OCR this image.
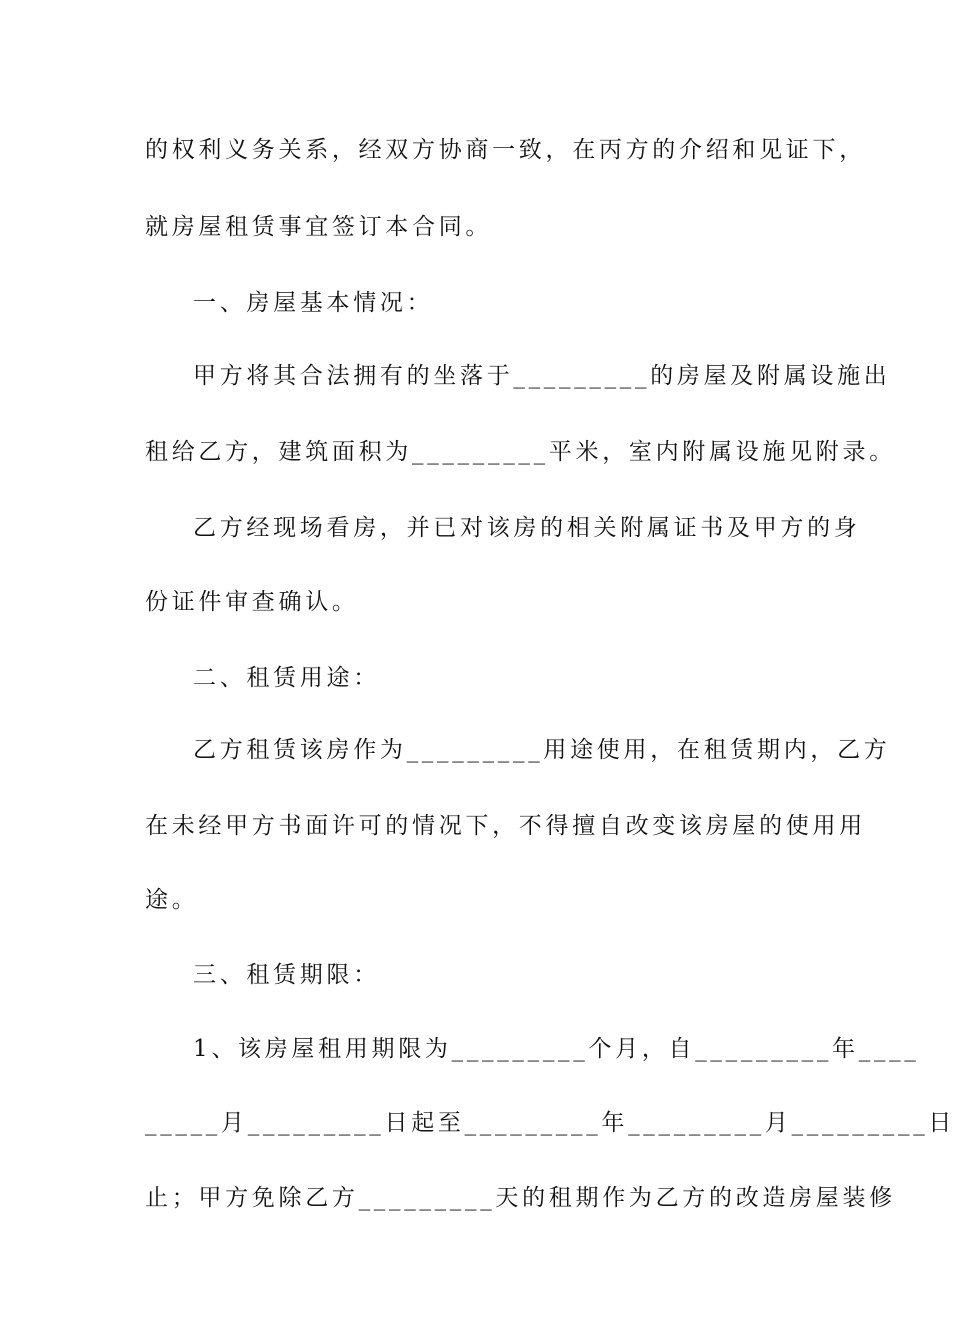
的权利义务关系，经双方协商一致，在丙方的介绍和见证下，
就房屋租赁事宜签订本合同。
一、房屋基本情况：
甲方将其合法拥有的坐落于_________的房屋及附属设施出
租给乙方，建筑面积为_________平米，室内附属设施见附录。
乙方经现场看房，并已对该房的相关附属证书及甲方的身
份证件审查确认。
二、租赁用途：
乙方租赁该房作为_________用途使用，在租赁期内，乙方
在未经甲方书面许可的情况下，不得擅自改变该房屋的使用用
途。
三、租赁期限：
1、该房屋租用期限为_________个月，自_________年____
_____月_________日起至_________年_________月_________日
止；甲方免除乙方_________天的租期作为乙方的改造房屋装修
